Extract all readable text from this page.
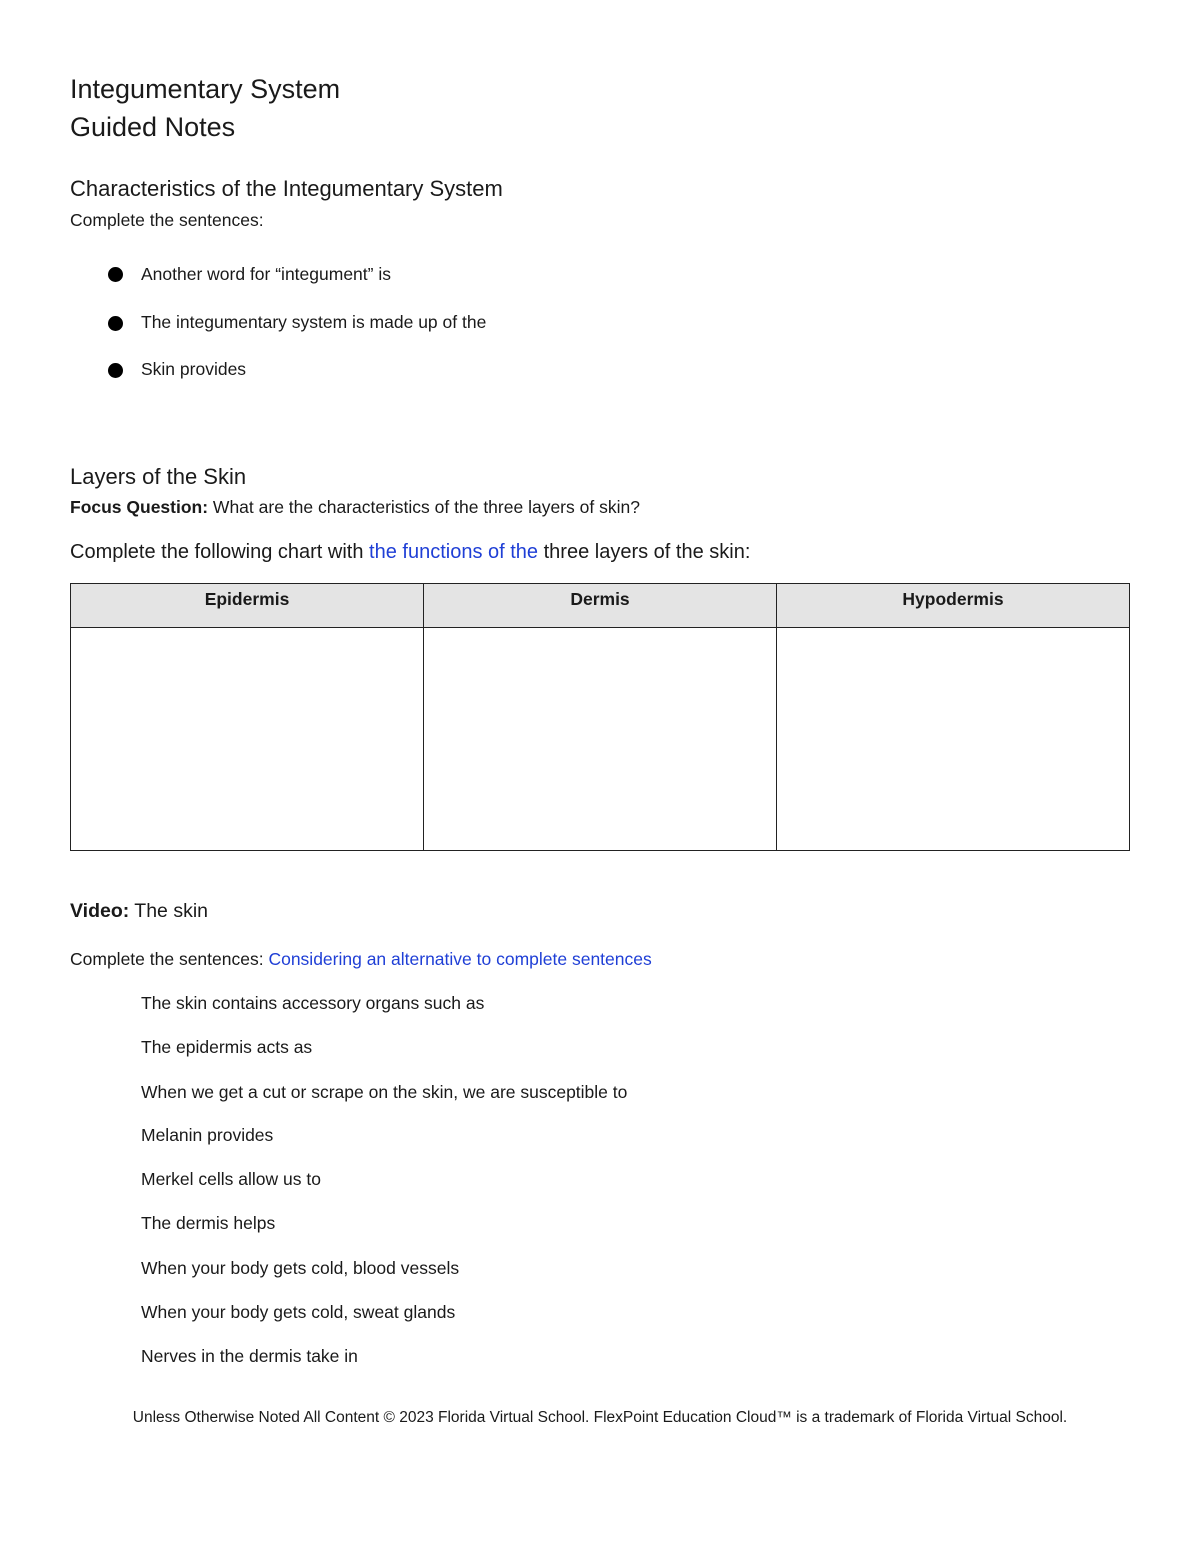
Integumentary System
Guided Notes
Characteristics of the Integumentary System
Complete the sentences:
Another word for “integument” is
The integumentary system is made up of the
Skin provides
Layers of the Skin
Focus Question: What are the characteristics of the three layers of skin?
Complete the following chart with the functions of the three layers of the skin:
Epidermis	Dermis	Hypodermis

Video: The skin
Complete the sentences: Considering an alternative to complete sentences
The skin contains accessory organs such as
The epidermis acts as
When we get a cut or scrape on the skin, we are susceptible to
Melanin provides
Merkel cells allow us to
The dermis helps
When your body gets cold, blood vessels
When your body gets cold, sweat glands
Nerves in the dermis take in
Unless Otherwise Noted All Content © 2023 Florida Virtual School. FlexPoint Education Cloud™ is a trademark of Florida Virtual School.
